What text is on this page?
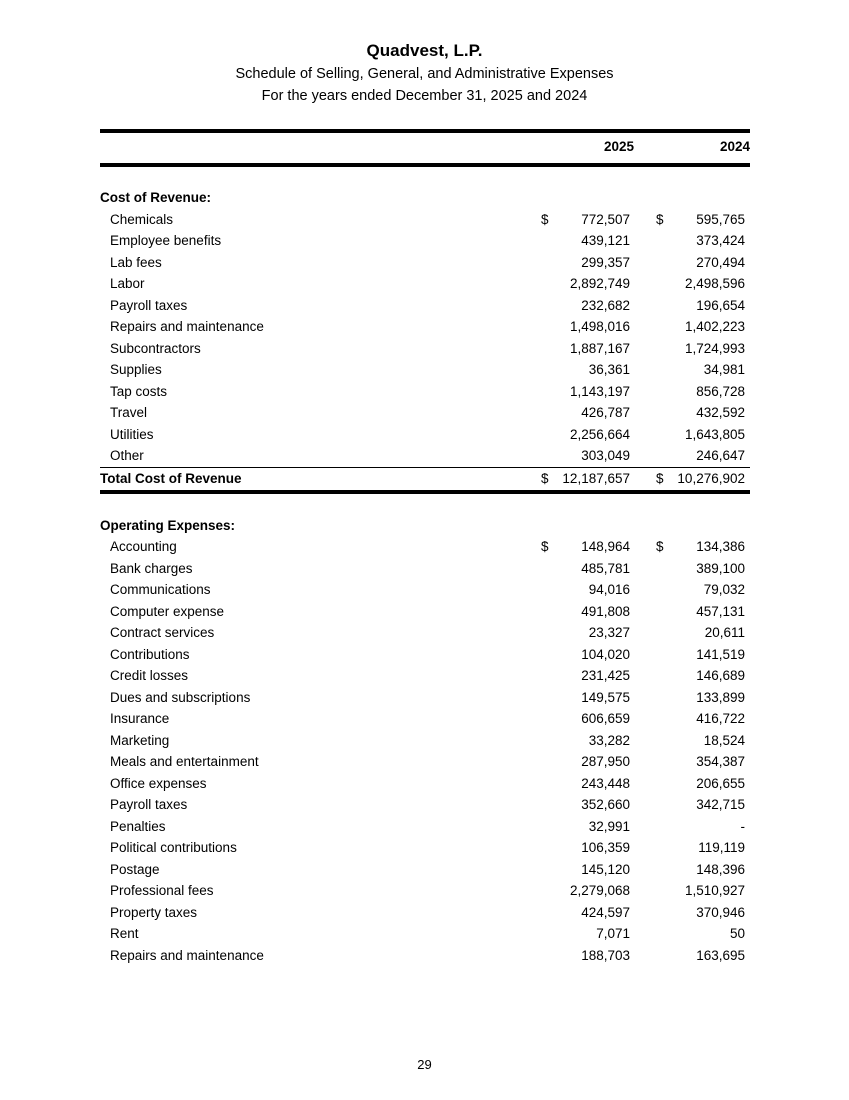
Quadvest, L.P.
Schedule of Selling, General, and Administrative Expenses
For the years ended December 31, 2025 and 2024
2025	2024
Cost of Revenue:
Chemicals	$ 772,507 $ 595,765
Employee benefits	439,121	373,424
Lab fees	299,357	270,494
Labor	2,892,749	2,498,596
Payroll taxes	232,682	196,654
Repairs and maintenance	1,498,016	1,402,223
Subcontractors	1,887,167	1,724,993
Supplies	36,361	34,981
Tap costs	1,143,197	856,728
Travel	426,787	432,592
Utilities	2,256,664	1,643,805
Other	303,049	246,647
Total Cost of Revenue	$ 12,187,657 $ 10,276,902
Operating Expenses:
Accounting	$ 148,964 $ 134,386
Bank charges	485,781	389,100
Communications	94,016	79,032
Computer expense	491,808	457,131
Contract services	23,327	20,611
Contributions	104,020	141,519
Credit losses	231,425	146,689
Dues and subscriptions	149,575	133,899
Insurance	606,659	416,722
Marketing	33,282	18,524
Meals and entertainment	287,950	354,387
Office expenses	243,448	206,655
Payroll taxes	352,660	342,715
Penalties	32,991	-
Political contributions	106,359	119,119
Postage	145,120	148,396
Professional fees	2,279,068	1,510,927
Property taxes	424,597	370,946
Rent	7,071	50
Repairs and maintenance	188,703	163,695
29
